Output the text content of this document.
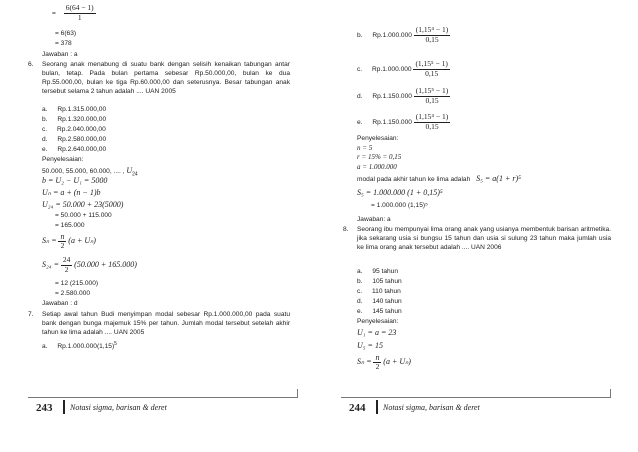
= $\frac{6(64 - 1)}{1}$
= 6(63)
= 378
Jawaban : a
6. Seorang anak menabung di suatu bank dengan selisih kenaikan tabungan antar bulan, tetap. Pada bulan pertama sebesar Rp.50.000,00, bulan ke dua Rp.55.000,00, bulan ke tiga Rp.60.000,00 dan seterusnya. Besar tabungan anak tersebut selama 2 tahun adalah .... UAN 2005
a. Rp.1.315.000,00
b. Rp.1.320.000,00
c. Rp.2.040.000,00
d. Rp.2.580.000,00
e. Rp.2.640.000,00
Penyelesaian:
50.000, 55.000, 60.000, .... , $U_{24}$
b = U₂ − U₁ = 5000
Uₙ = a + (n − 1)b
U₂₄ = 50.000 + 23(5000)
= 50.000 + 115.000
= 165.000
$S_n = \frac{n}{2} (a + U_n)$
$S_{24} = \frac{24}{2} (50.000 + 165.000)$
= 12 (215.000)
= 2.580.000
Jawaban : d
7. Setiap awal tahun Budi menyimpan modal sebesar Rp.1.000.000,00 pada suatu bank dengan bunga majemuk 15% per tahun. Jumlah modal tersebut setelah akhir tahun ke lima adalah .... UAN 2005
a. $Rp.1.000.000(1,15)^5$
243 Notasi sigma, barisan & deret
b. $Rp.1.000.000 \frac{\text{(1,15⁴ − 1)}}{0,15}$
c. $Rp.1.000.000 \frac{\text{(1,15⁵ − 1)}}{0,15}$
d. $Rp.1.150.000 \frac{\text{(1,15⁵ − 1)}}{0,15}$
e. $Rp.1.150.000 \frac{\text{(1,15⁴ − 1)}}{0,15}$
Penyelesaian:
n = 5
r = 15% = 0,15
a = 1.000.000
modal pada akhir tahun ke lima adalah S₅ = a(1 + r)⁵
S₅ = 1.000.000 (1 + 0,15)⁵
= 1.000.000 (1,15)⁵
Jawaban: a
8. Seorang ibu mempunyai lima orang anak yang usianya membentuk barisan aritmetika. jika sekarang usia si bungsu 15 tahun dan usia si sulung 23 tahun maka jumlah usia ke lima orang anak tersebut adalah .... UAN 2006
a. 95 tahun
b. 105 tahun
c. 110 tahun
d. 140 tahun
e. 145 tahun
Penyelesaian:
U₁ = a = 23
U₅ = 15
$S_n = \frac{n}{2} (a + U_n)$
244 Notasi sigma, barisan & deret
